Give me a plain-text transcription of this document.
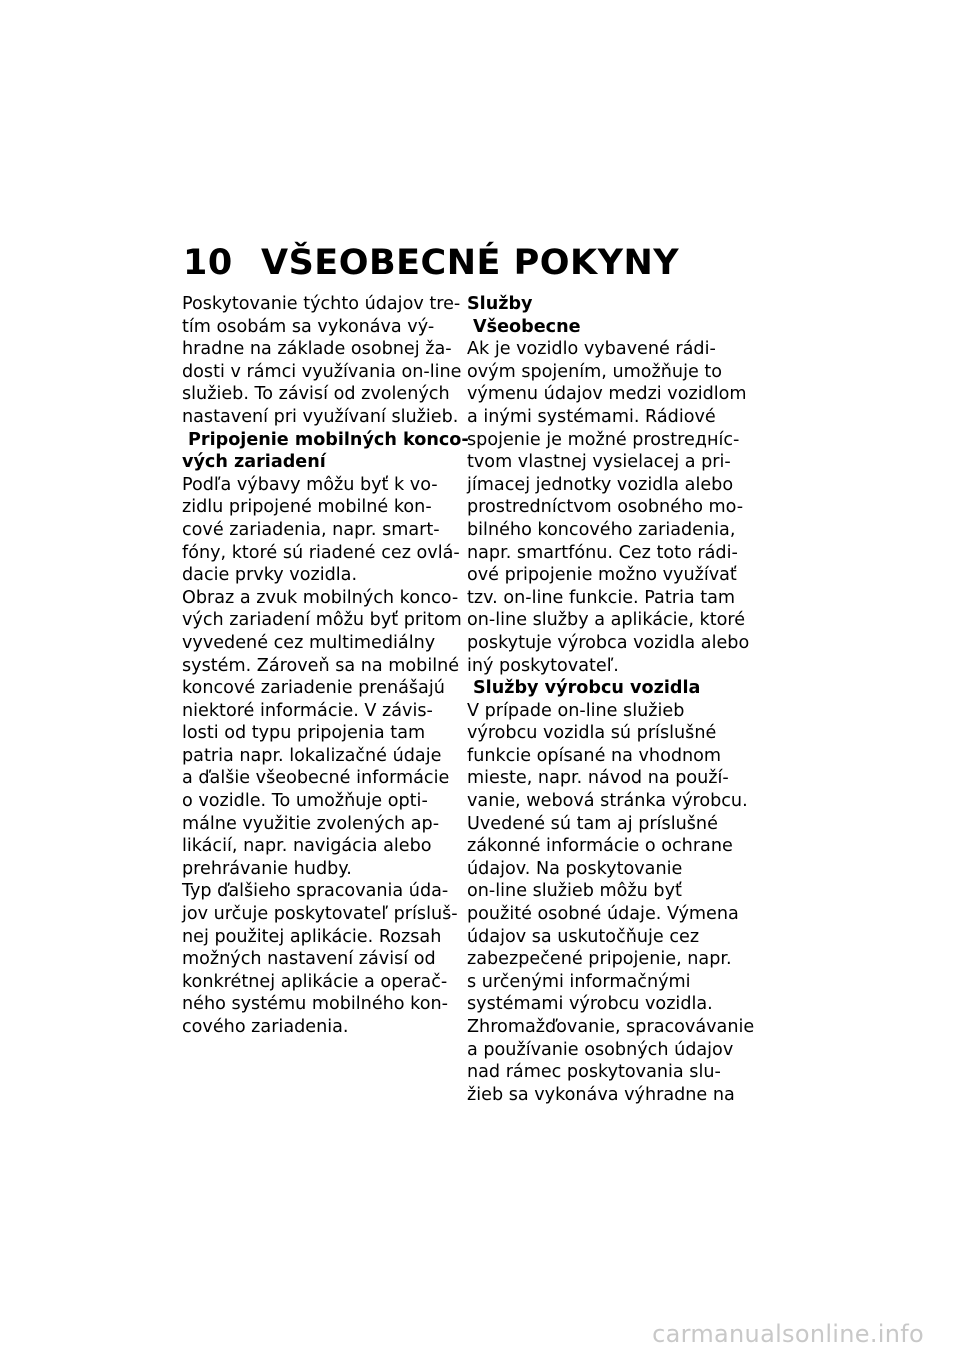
10 VŠEOBECNÉ POKYNY

Poskytovanie týchto údajov tre-
tím osobám sa vykonáva vý-
hradne na základe osobnej ža-
dosti v rámci využívania on-line
služieb. To závisí od zvolených
nastavení pri využívaní služieb.

Pripojenie mobilných konco-
vých zariadení

Podľa výbavy môžu byť k vo-
zidlu pripojené mobilné kon-
cové zariadenia, napr. smart-
fóny, ktoré sú riadené cez ovlá-
dacie prvky vozidla.

Obraz a zvuk mobilných konco-
vých zariadení môžu byť pritom
vyvedené cez multimediálny
systém. Zároveň sa na mobilné
koncové zariadenie prenášajú
niektoré informácie. V závis-
losti od typu pripojenia tam
patria napr. lokalizačné údaje
a ďalšie všeobecné informácie
o vozidle. To umožňuje opti-
málne využitie zvolených ap-
likácií, napr. navigácia alebo
prehrávanie hudby.

Typ ďalšieho spracovania úda-
jov určuje poskytovateľ prísluš-
nej použitej aplikácie. Rozsah
možných nastavení závisí od
konkrétnej aplikácie a operač-
ného systému mobilného kon-
cového zariadenia.

Služby
Všeobecne

Ak je vozidlo vybavené rádi-
ovým spojením, umožňuje to
výmenu údajov medzi vozidlom
a inými systémami. Rádiové
spojenie je možné prostreднíc-
tvom vlastnej vysielacej a pri-
jímacej jednotky vozidla alebo
prostredníctvom osobného mo-
bilného koncového zariadenia,
napr. smartfónu. Cez toto rádi-
ové pripojenie možno využívať
tzv. on-line funkcie. Patria tam
on-line služby a aplikácie, ktoré
poskytuje výrobca vozidla alebo
iný poskytovateľ.

Služby výrobcu vozidla

V prípade on-line služieb
výrobcu vozidla sú príslušné
funkcie opísané na vhodnom
mieste, napr. návod na použí-
vanie, webová stránka výrobcu.
Uvedené sú tam aj príslušné
zákonné informácie o ochrane
údajov. Na poskytovanie
on-line služieb môžu byť
použité osobné údaje. Výmena
údajov sa uskutočňuje cez
zabezpečené pripojenie, napr.
s určenými informačnými
systémami výrobcu vozidla.
Zhromažďovanie, spracovávanie
a používanie osobných údajov
nad rámec poskytovania slu-
žieb sa vykonáva výhradne na

carmanualsonline.info
